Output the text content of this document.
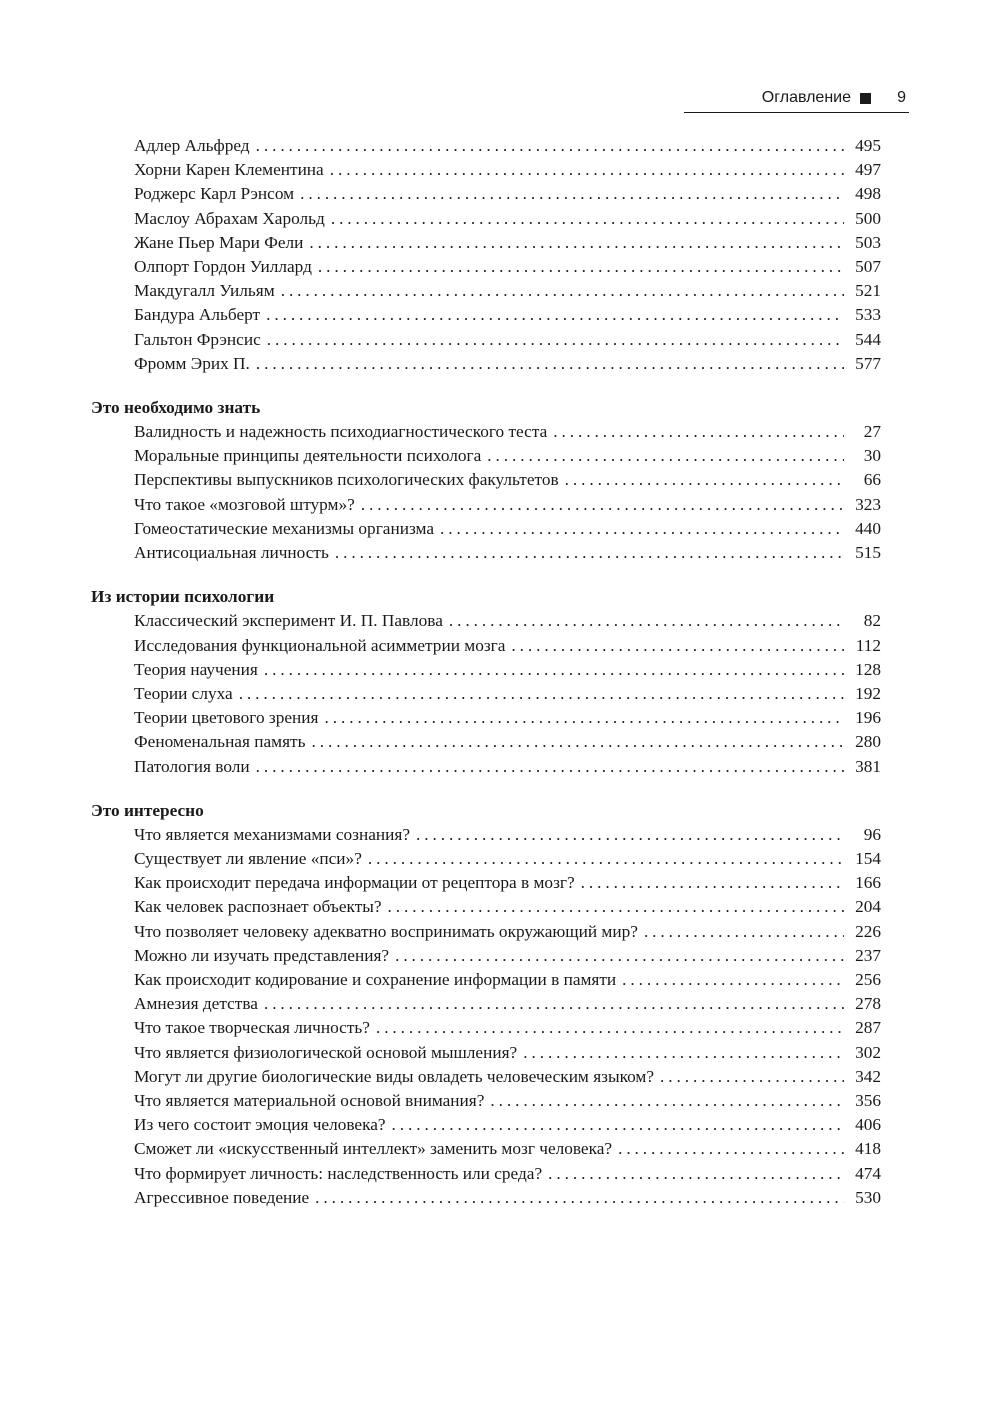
Оглавление	9
Адлер Альфред . . .	495
Хорни Карен Клементина . . .	497
Роджерс Карл Рэнсом . . .	498
Маслоу Абрахам Харольд . . .	500
Жане Пьер Мари Фели . . .	503
Олпорт Гордон Уиллард . . .	507
Макдугалл Уильям . . .	521
Бандура Альберт . . .	533
Гальтон Фрэнсис . . .	544
Фромм Эрих П. . . .	577
Это необходимо знать
Валидность и надежность психодиагностического теста . . .	27
Моральные принципы деятельности психолога . . .	30
Перспективы выпускников психологических факультетов . . .	66
Что такое «мозговой штурм»? . . .	323
Гомеостатические механизмы организма . . .	440
Антисоциальная личность . . .	515
Из истории психологии
Классический эксперимент И. П. Павлова . . .	82
Исследования функциональной асимметрии мозга . . .	112
Теория научения . . .	128
Теории слуха . . .	192
Теории цветового зрения . . .	196
Феноменальная память . . .	280
Патология воли . . .	381
Это интересно
Что является механизмами сознания? . . .	96
Существует ли явление «пси»? . . .	154
Как происходит передача информации от рецептора в мозг? . . .	166
Как человек распознает объекты? . . .	204
Что позволяет человеку адекватно воспринимать окружающий мир? . . .	226
Можно ли изучать представления? . . .	237
Как происходит кодирование и сохранение информации в памяти . . .	256
Амнезия детства . . .	278
Что такое творческая личность? . . .	287
Что является физиологической основой мышления? . . .	302
Могут ли другие биологические виды овладеть человеческим языком? . . .	342
Что является материальной основой внимания? . . .	356
Из чего состоит эмоция человека? . . .	406
Сможет ли «искусственный интеллект» заменить мозг человека? . . .	418
Что формирует личность: наследственность или среда? . . .	474
Агрессивное поведение . . .	530
